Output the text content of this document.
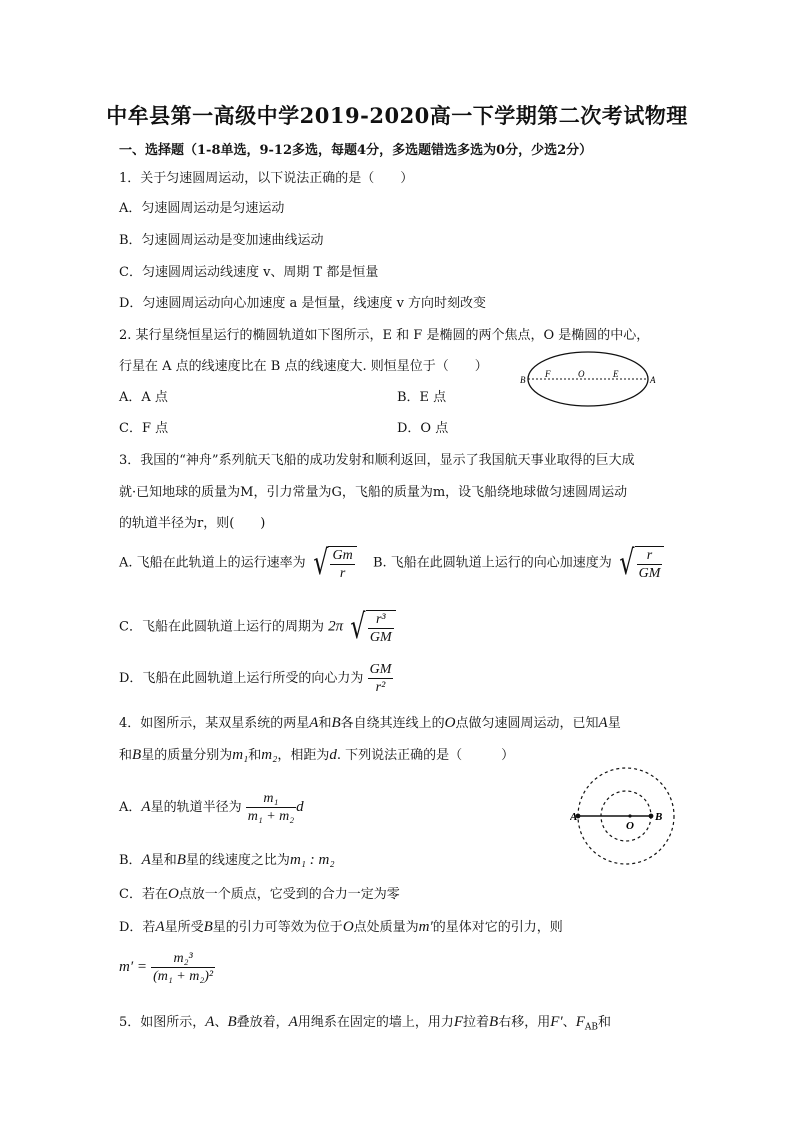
中牟县第一高级中学2019-2020高一下学期第二次考试物理
一、选择题（1-8单选，9-12多选，每题4分，多选题错选多选为0分，少选2分）
1．关于匀速圆周运动，以下说法正确的是（　　）
A．匀速圆周运动是匀速运动
B．匀速圆周运动是变加速曲线运动
C．匀速圆周运动线速度 v、周期 T 都是恒量
D．匀速圆周运动向心加速度 a 是恒量，线速度 v 方向时刻改变
2. 某行星绕恒星运行的椭圆轨道如下图所示，E 和 F 是椭圆的两个焦点，O 是椭圆的中心，
行星在 A 点的线速度比在 B 点的线速度大. 则恒星位于（　　）
A．A 点	B．E 点
C．F 点	D．O 点
B
F	O	E
A
3．我国的“神舟”系列航天飞船的成功发射和顺利返回，显示了我国航天事业取得的巨大成
就·已知地球的质量为M，引力常量为G，飞船的质量为m，设飞船绕地球做匀速圆周运动
的轨道半径为r，则(　　)
A. 飞船在此轨道上的运行速率为 √ $\frac{Gm}{r} B$. 飞船在此圆轨道上运行的向心加速度为 √ $\frac{r}{GM}$
C．飞船在此圆轨道上运行的周期为 2π √ $\frac{\text{r³}}{GM}$
D．飞船在此圆轨道上运行所受的向心力为 $\frac{GM}{\text{r²}}$
4．如图所示，某双星系统的两星A和B各自绕其连线上的O点做匀速圆周运动，已知A星
和B星的质量分别为m₁和m₂，相距为d. 下列说法正确的是（　　　）
A．A星的轨道半径为 $\frac{\text{m₁}}{\text{m₁ + m₂}}$ d
B．A星和B星的线速度之比为m₁ : m₂
C．若在O点放一个质点，它受到的合力一定为零
D．若A星所受B星的引力可等效为位于O点处质量为m′的星体对它的引力，则
$m' = \frac{\text{m₂³}}{\text{(m₁ + m₂)²}}$
A
O
B
5．如图所示，A、B叠放着，A用绳系在固定的墙上，用力F拉着B右移，用F′、$F_{AB}$和
